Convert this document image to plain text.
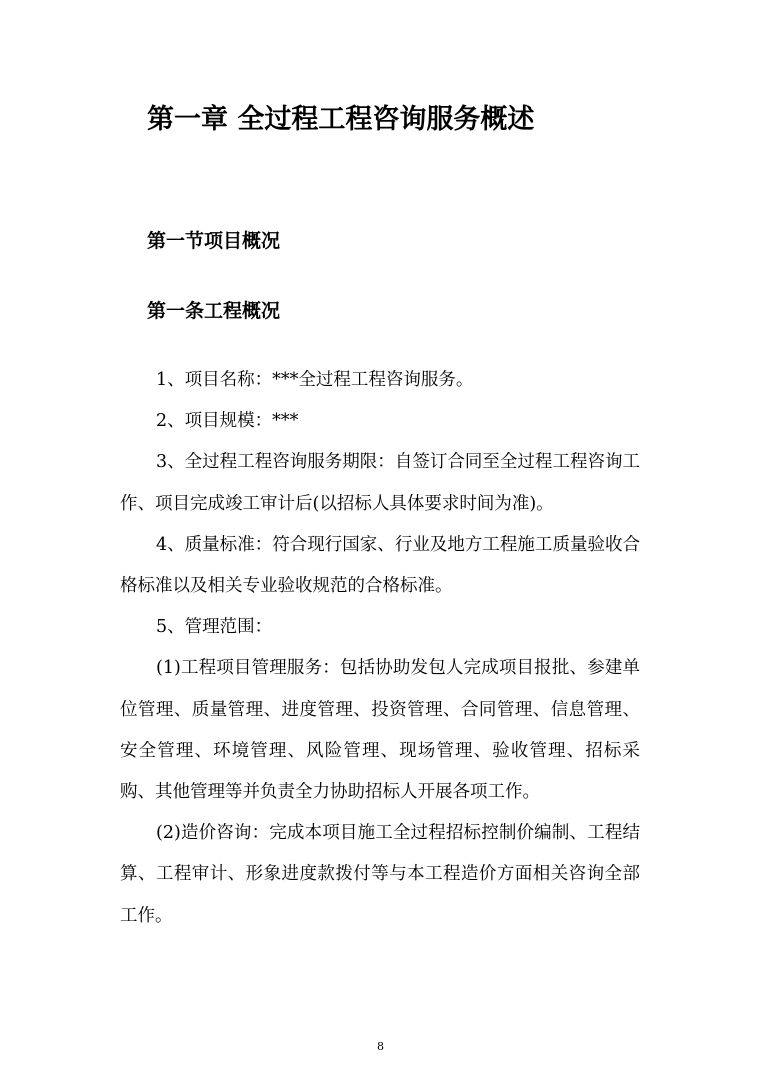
第一章 全过程工程咨询服务概述
第一节项目概况
第一条工程概况

1、项目名称：***全过程工程咨询服务。

2、项目规模：***

3、全过程工程咨询服务期限：自签订合同至全过程工程咨询工作、项目完成竣工审计后(以招标人具体要求时间为准)。

4、质量标准：符合现行国家、行业及地方工程施工质量验收合格标准以及相关专业验收规范的合格标准。

5、管理范围：

(1)工程项目管理服务：包括协助发包人完成项目报批、参建单位管理、质量管理、进度管理、投资管理、合同管理、信息管理、安全管理、环境管理、风险管理、现场管理、验收管理、招标采购、其他管理等并负责全力协助招标人开展各项工作。

(2)造价咨询：完成本项目施工全过程招标控制价编制、工程结算、工程审计、形象进度款拨付等与本工程造价方面相关咨询全部工作。

8
